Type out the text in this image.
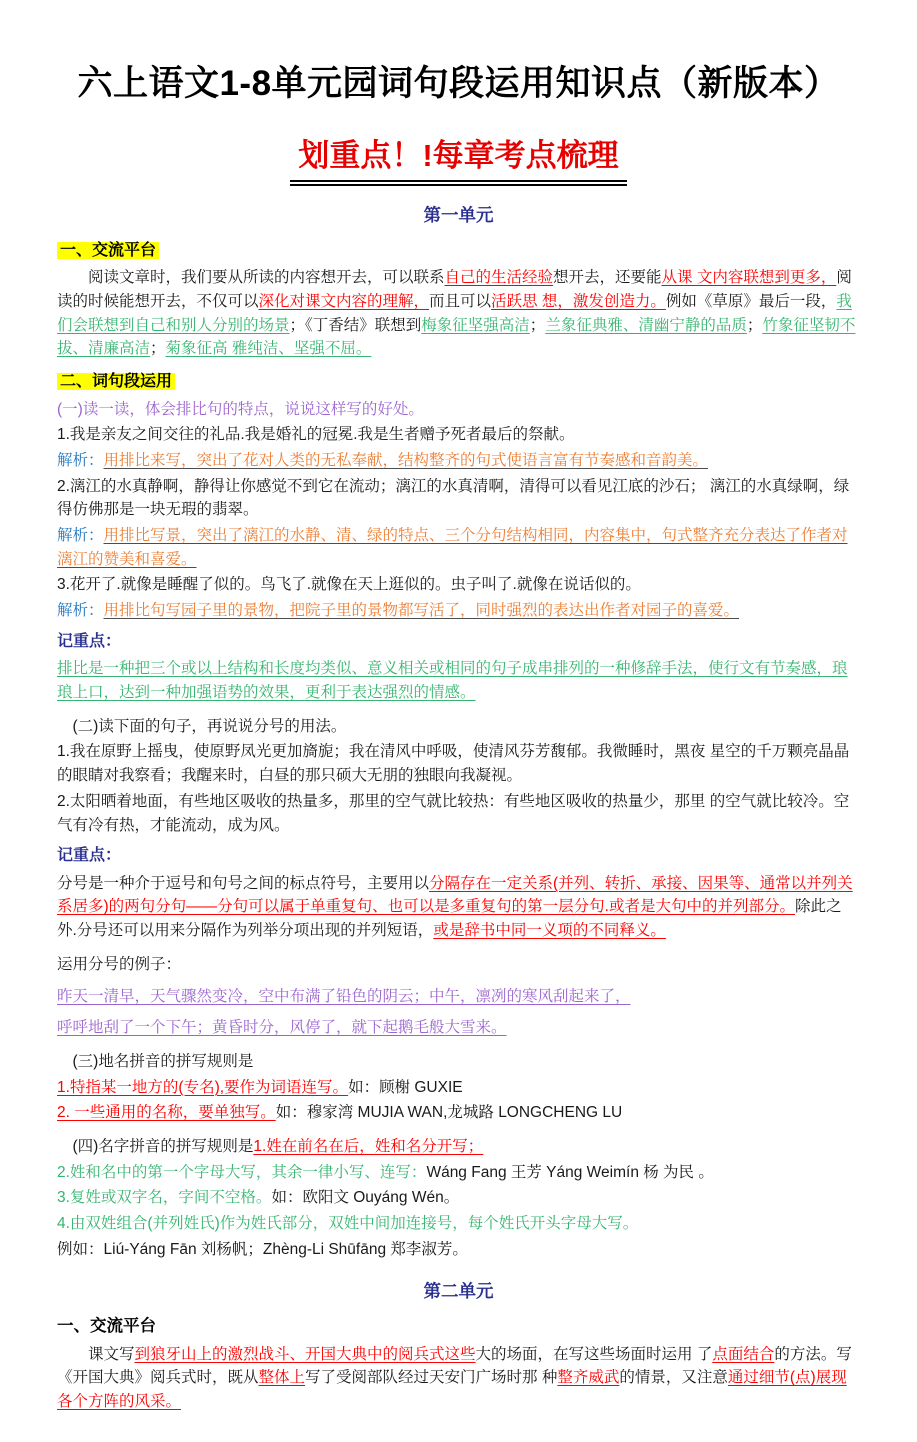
六上语文1-8单元园词句段运用知识点（新版本）
划重点！!每章考点梳理
第一单元
一、交流平台
阅读文章时，我们要从所读的内容想开去，可以联系自己的生活经验想开去，还要能从课 文内容联想到更多，阅读的时候能想开去，不仅可以深化对课文内容的理解，而且可以活跃思 想，激发创造力。例如《草原》最后一段，我们会联想到自己和别人分别的场景；《丁香结》联想到梅象征坚强高洁；兰象征典雅、清幽宁静的品质；竹象征坚韧不拔、清廉高洁；菊象征高 雅纯洁、坚强不屈。
二、词句段运用
(一)读一读，体会排比句的特点，说说这样写的好处。
1.我是亲友之间交往的礼品.我是婚礼的冠冕.我是生者赠予死者最后的祭献。
解析：用排比来写，突出了花对人类的无私奉献，结构整齐的句式使语言富有节奏感和音韵美。
2.漓江的水真静啊，静得让你感觉不到它在流动；漓江的水真清啊，清得可以看见江底的沙石； 漓江的水真绿啊，绿得仿佛那是一块无瑕的翡翠。
解析：用排比写景，突出了漓江的水静、清、绿的特点、三个分句结构相同，内容集中，句式整齐充分表达了作者对漓江的赞美和喜爱。
3.花开了.就像是睡醒了似的。鸟飞了.就像在天上逛似的。虫子叫了.就像在说话似的。
解析：用排比句写园子里的景物，把院子里的景物都写活了，同时强烈的表达出作者对园子的喜爱。
记重点：
排比是一种把三个或以上结构和长度均类似、意义相关或相同的句子成串排列的一种修辞手法，使行文有节奏感，琅琅上口，达到一种加强语势的效果，更利于表达强烈的情感。
(二)读下面的句子，再说说分号的用法。
1.我在原野上摇曳，使原野凤光更加旖旎；我在清风中呼吸，使清风芬芳馥郁。我微睡时，黑夜 星空的千万颗亮晶晶的眼睛对我察看；我醒来时，白昼的那只硕大无朋的独眼向我凝视。
2.太阳晒着地面，有些地区吸收的热量多，那里的空气就比较热：有些地区吸收的热量少，那里 的空气就比较冷。空气有冷有热，才能流动，成为风。
记重点：
分号是一种介于逗号和句号之间的标点符号，主要用以分隔存在一定关系(并列、转折、承接、因果等、通常以并列关系居多)的两句分句——分句可以属于单重复句、也可以是多重复句的第一层分句.或者是大句中的并列部分。除此之外.分号还可以用来分隔作为列举分项出现的并列短语，或是辞书中同一义项的不同释义。
运用分号的例子：
昨天一清早，天气骤然变冷，空中布满了铅色的阴云；中午，凛冽的寒风刮起来了，
呼呼地刮了一个下午；黄昏时分，风停了，就下起鹅毛般大雪来。
(三)地名拼音的拼写规则是
1.特指某一地方的(专名),要作为词语连写。如：顾榭 GUXIE
2. 一些通用的名称，要单独写。如：穆家湾 MUJIA WAN,龙城路 LONGCHENG LU
(四)名字拼音的拼写规则是1.姓在前名在后，姓和名分开写；
2.姓和名中的第一个字母大写，其余一律小写、连写：Wáng Fang 王芳 Yáng Weimín 杨 为民 。
3.复姓或双字名，字间不空格。如：欧阳文 Ouyáng Wén。
4.由双姓组合(并列姓氏)作为姓氏部分，双姓中间加连接号，每个姓氏开头字母大写。
例如：Liú-Yáng Fān 刘杨帆；Zhèng-Li Shūfāng 郑李淑芳。
第二单元
一、交流平台
课文写到狼牙山上的激烈战斗、开国大典中的阅兵式这些大的场面，在写这些场面时运用 了点面结合的方法。写《开国大典》阅兵式时，既从整体上写了受阅部队经过天安门广场时那 种整齐威武的情景，又注意通过细节(点)展现各个方阵的风采。
